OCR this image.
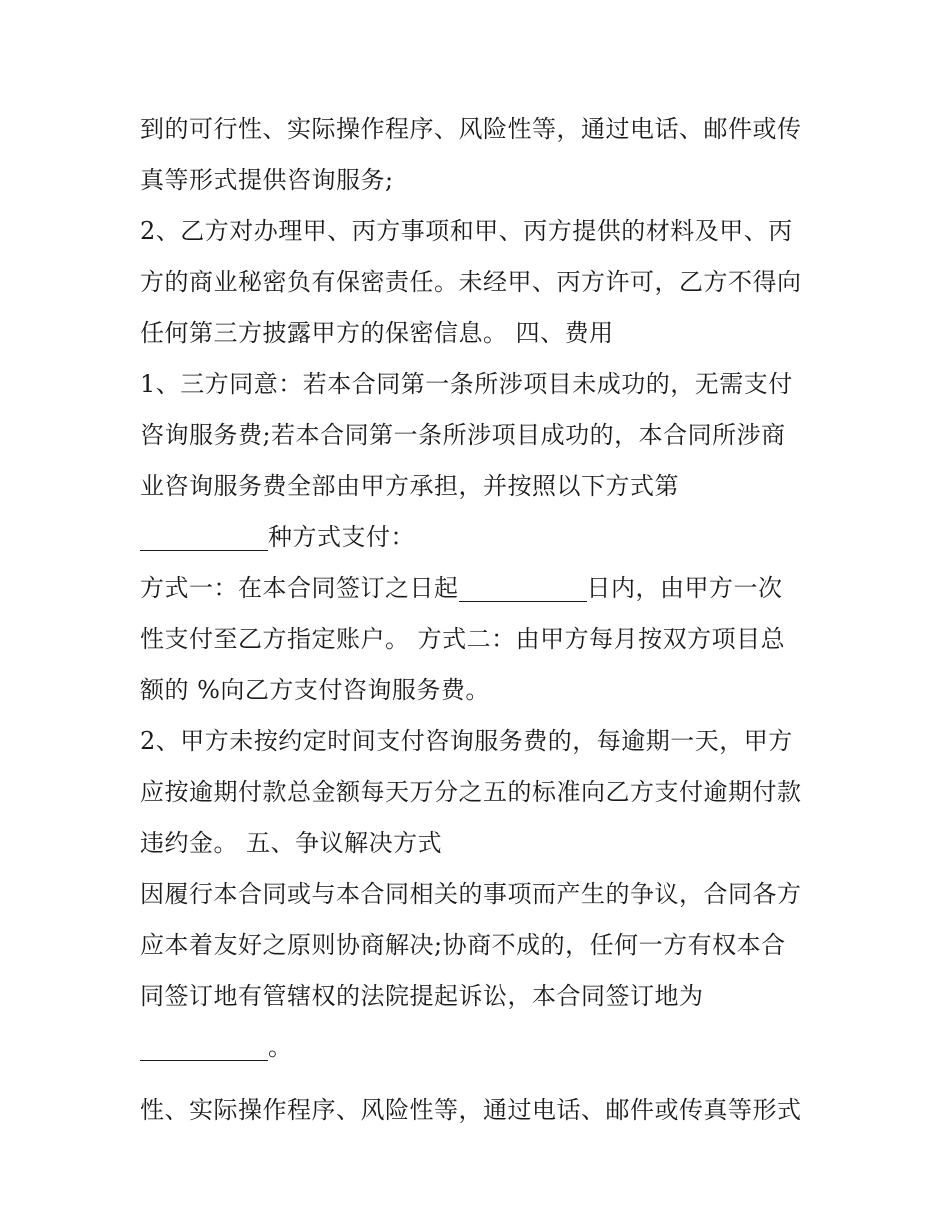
到的可行性、实际操作程序、风险性等，通过电话、邮件或传
真等形式提供咨询服务;
2、乙方对办理甲、丙方事项和甲、丙方提供的材料及甲、丙
方的商业秘密负有保密责任。未经甲、丙方许可，乙方不得向
任何第三方披露甲方的保密信息。 四、费用
1、三方同意：若本合同第一条所涉项目未成功的，无需支付
咨询服务费;若本合同第一条所涉项目成功的，本合同所涉商
业咨询服务费全部由甲方承担，并按照以下方式第
种方式支付：
方式一：在本合同签订之日起	日内，由甲方一次
性支付至乙方指定账户。 方式二：由甲方每月按双方项目总
额的 %向乙方支付咨询服务费。
2、甲方未按约定时间支付咨询服务费的，每逾期一天，甲方
应按逾期付款总金额每天万分之五的标准向乙方支付逾期付款
违约金。 五、争议解决方式
因履行本合同或与本合同相关的事项而产生的争议，合同各方
应本着友好之原则协商解决;协商不成的，任何一方有权本合
同签订地有管辖权的法院提起诉讼，本合同签订地为
。
性、实际操作程序、风险性等，通过电话、邮件或传真等形式
